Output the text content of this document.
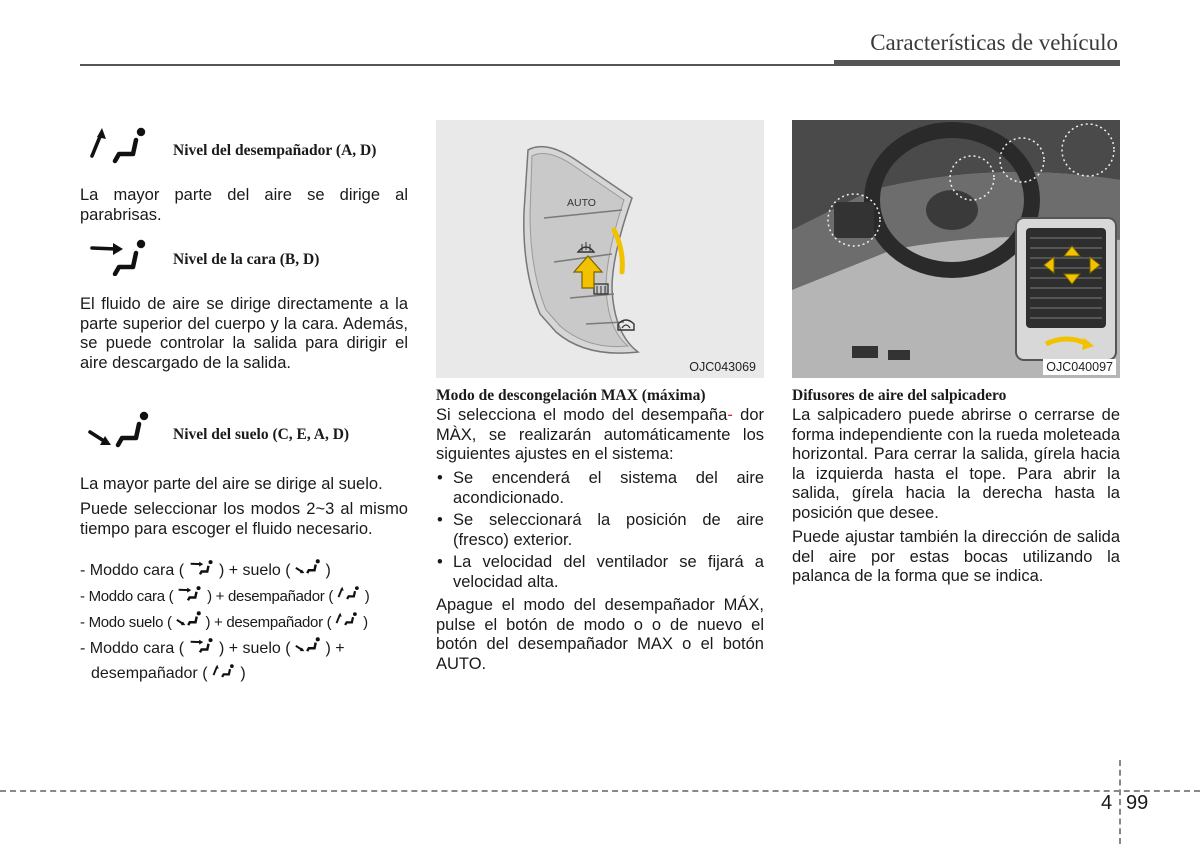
Características de vehículo
Nivel del desempañador (A, D)
La mayor parte del aire se dirige al parabrisas.
Nivel de la cara (B, D)
El fluido de aire se dirige directamente a la parte superior del cuerpo y la cara. Además, se puede controlar la salida para dirigir el aire descargado de la salida.
Nivel del suelo (C, E, A, D)
La mayor parte del aire se dirige al suelo.
Puede seleccionar los modos 2~3 al mismo tiempo para escoger el fluido necesario.
- Moddo cara ( ) + suelo ( )
- Moddo cara ( ) + desempañador ( )
- Modo suelo ( ) + desempañador ( )
- Moddo cara ( ) + suelo ( ) +
desempañador ( )
AUTO
OJC043069
Modo de descongelación MAX (máxima)
Si selecciona el modo del desempaña- dor MÀX, se realizarán automáticamente los siguientes ajustes en el sistema:
• Se encenderá el sistema del aire acondicionado.
• Se seleccionará la posición de aire (fresco) exterior.
• La velocidad del ventilador se fijará a velocidad alta.
Apague el modo del desempañador MÁX, pulse el botón de modo o o de nuevo el botón del desempañador MAX o el botón AUTO.
OJC040097
Difusores de aire del salpicadero
La salpicadero puede abrirse o cerrarse de forma independiente con la rueda moleteada horizontal. Para cerrar la salida, gírela hacia la izquierda hasta el tope. Para abrir la salida, gírela hacia la derecha hasta la posición que desee.
Puede ajustar también la dirección de salida del aire por estas bocas utilizando la palanca de la forma que se indica.
4 99
